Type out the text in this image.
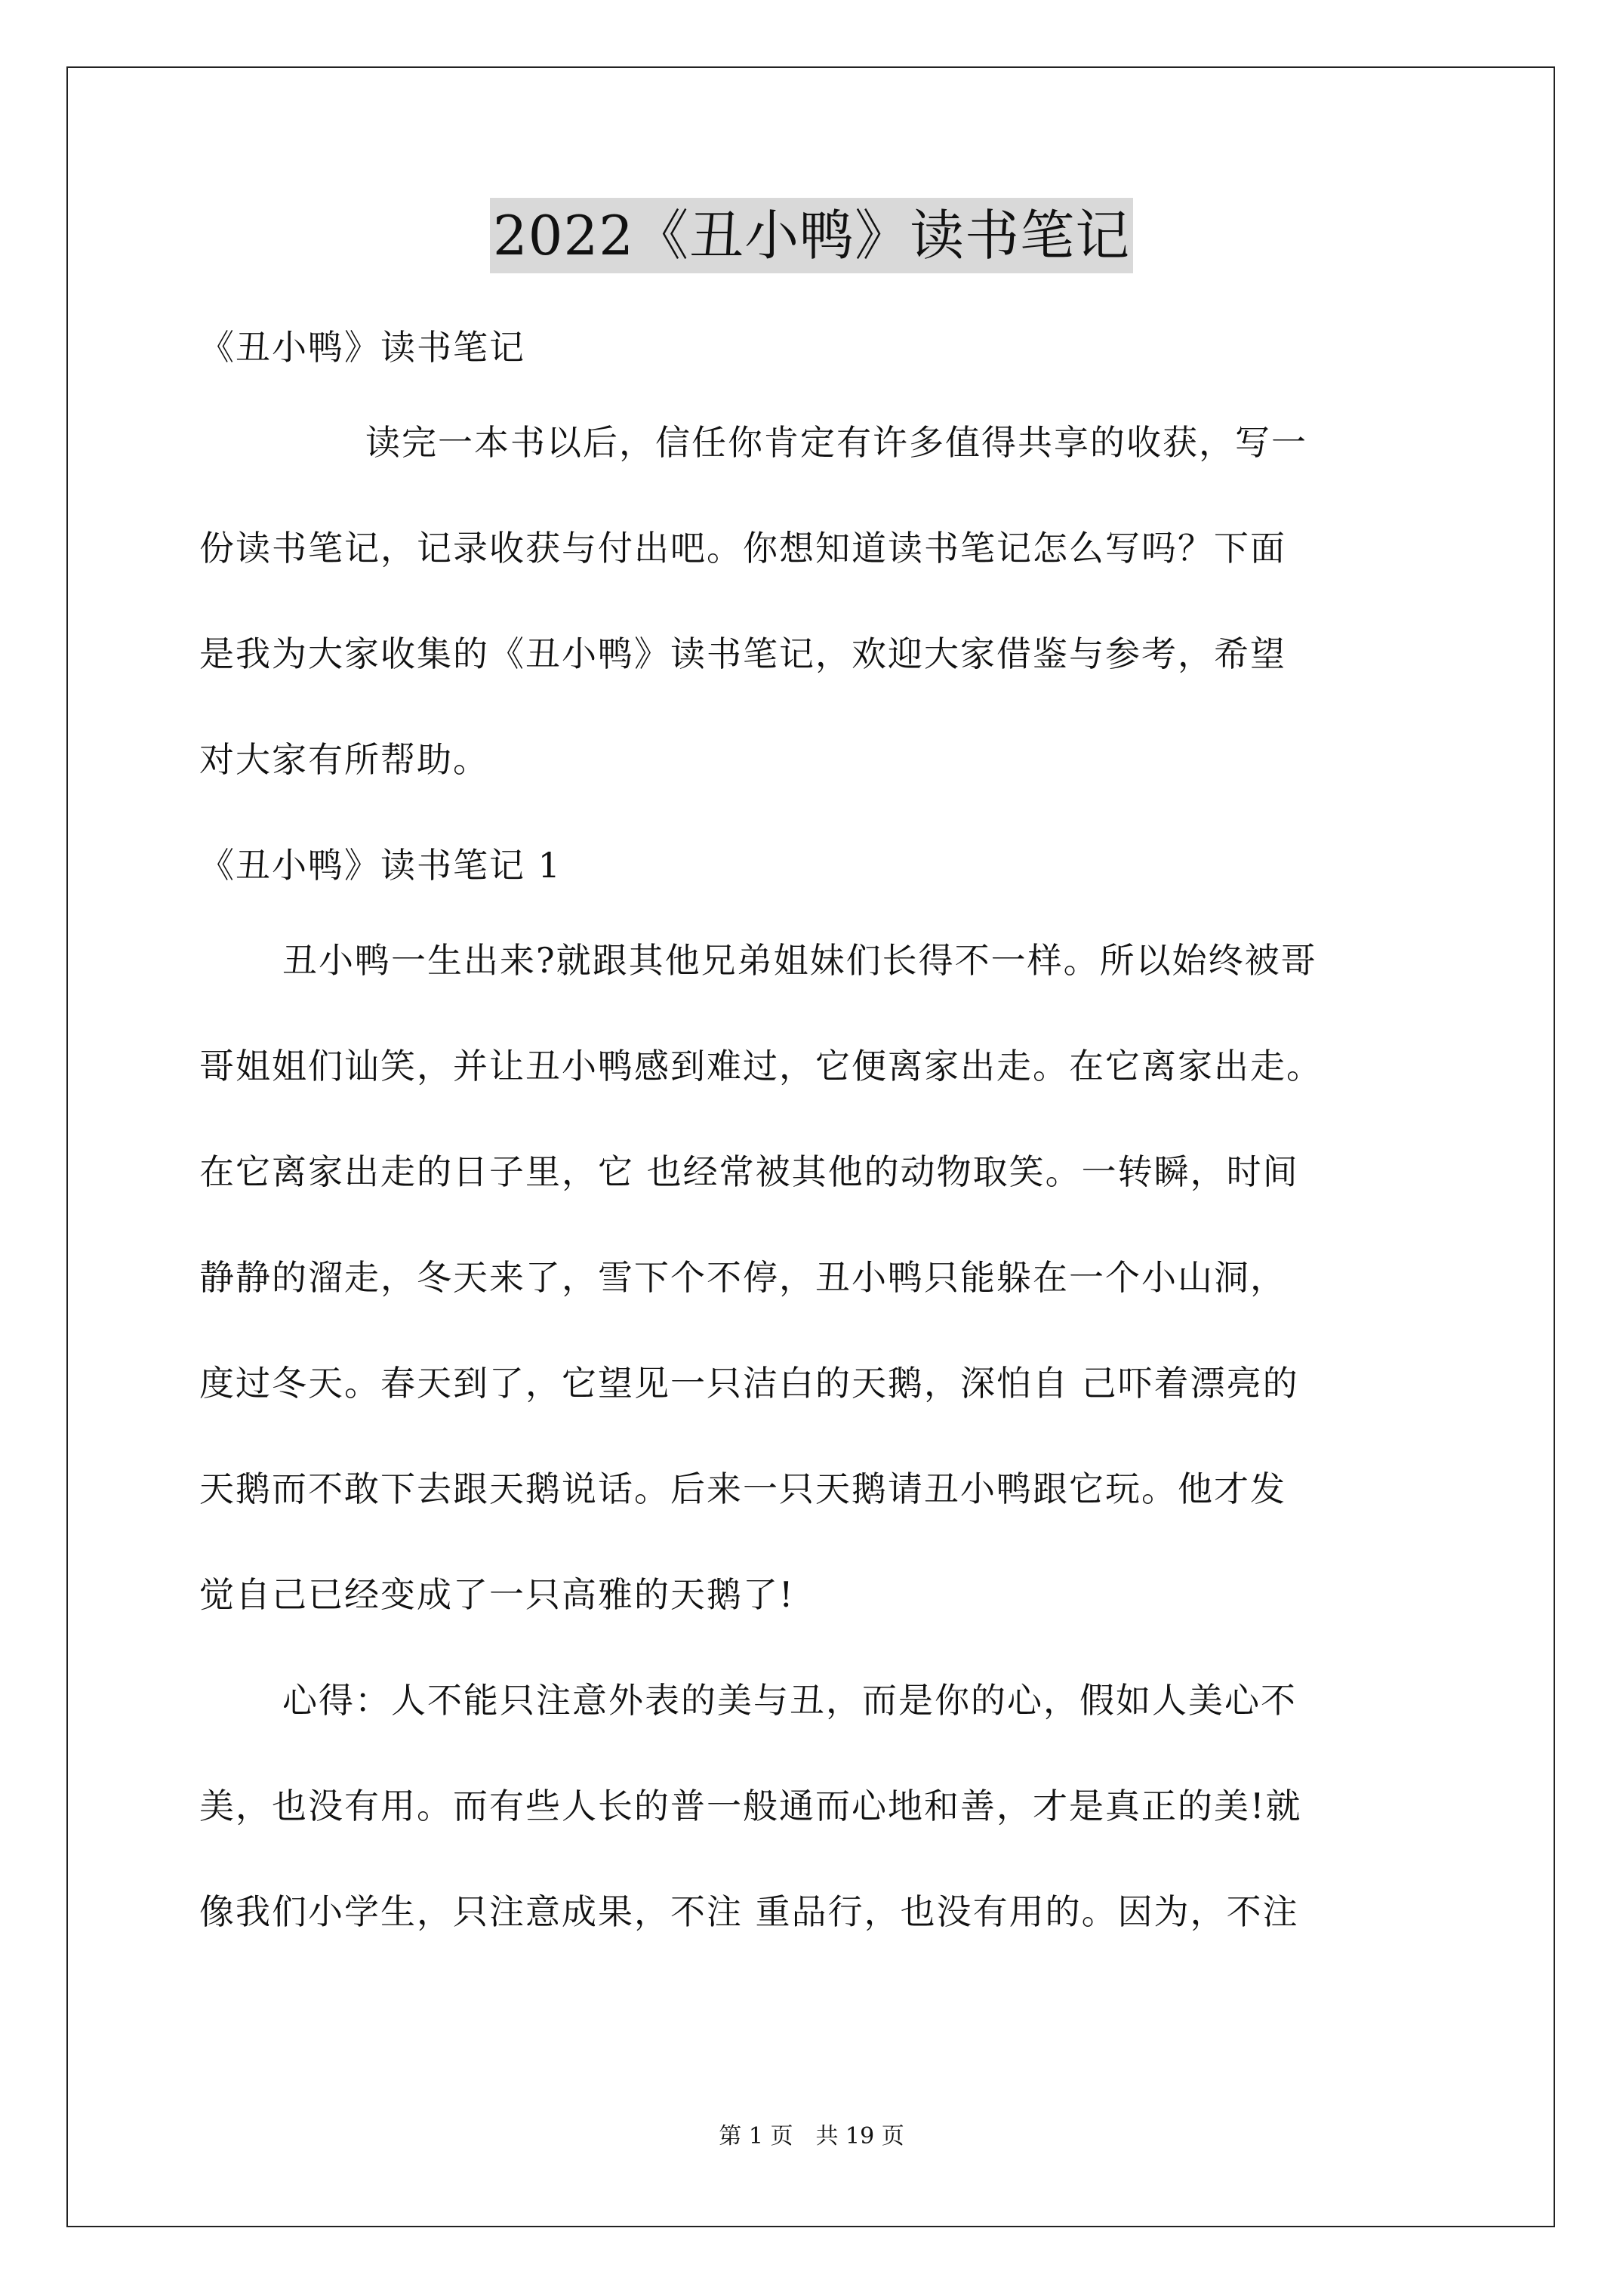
2022《丑小鸭》读书笔记
《丑小鸭》读书笔记
读完一本书以后，信任你肯定有许多值得共享的收获，写一
份读书笔记，记录收获与付出吧。你想知道读书笔记怎么写吗？下面
是我为大家收集的《丑小鸭》读书笔记，欢迎大家借鉴与参考，希望
对大家有所帮助。
《丑小鸭》读书笔记 1
丑小鸭一生出来?就跟其他兄弟姐妹们长得不一样。所以始终被哥
哥姐姐们讪笑，并让丑小鸭感到难过，它便离家出走。在它离家出走。
在它离家出走的日子里，它 也经常被其他的动物取笑。一转瞬，时间
静静的溜走，冬天来了，雪下个不停，丑小鸭只能躲在一个小山洞，
度过冬天。春天到了，它望见一只洁白的天鹅，深怕自 己吓着漂亮的
天鹅而不敢下去跟天鹅说话。后来一只天鹅请丑小鸭跟它玩。他才发
觉自己已经变成了一只高雅的天鹅了!
心得：人不能只注意外表的美与丑，而是你的心，假如人美心不
美，也没有用。而有些人长的普一般通而心地和善，才是真正的美!就
像我们小学生，只注意成果，不注 重品行，也没有用的。因为，不注
第 1 页 共 19 页
